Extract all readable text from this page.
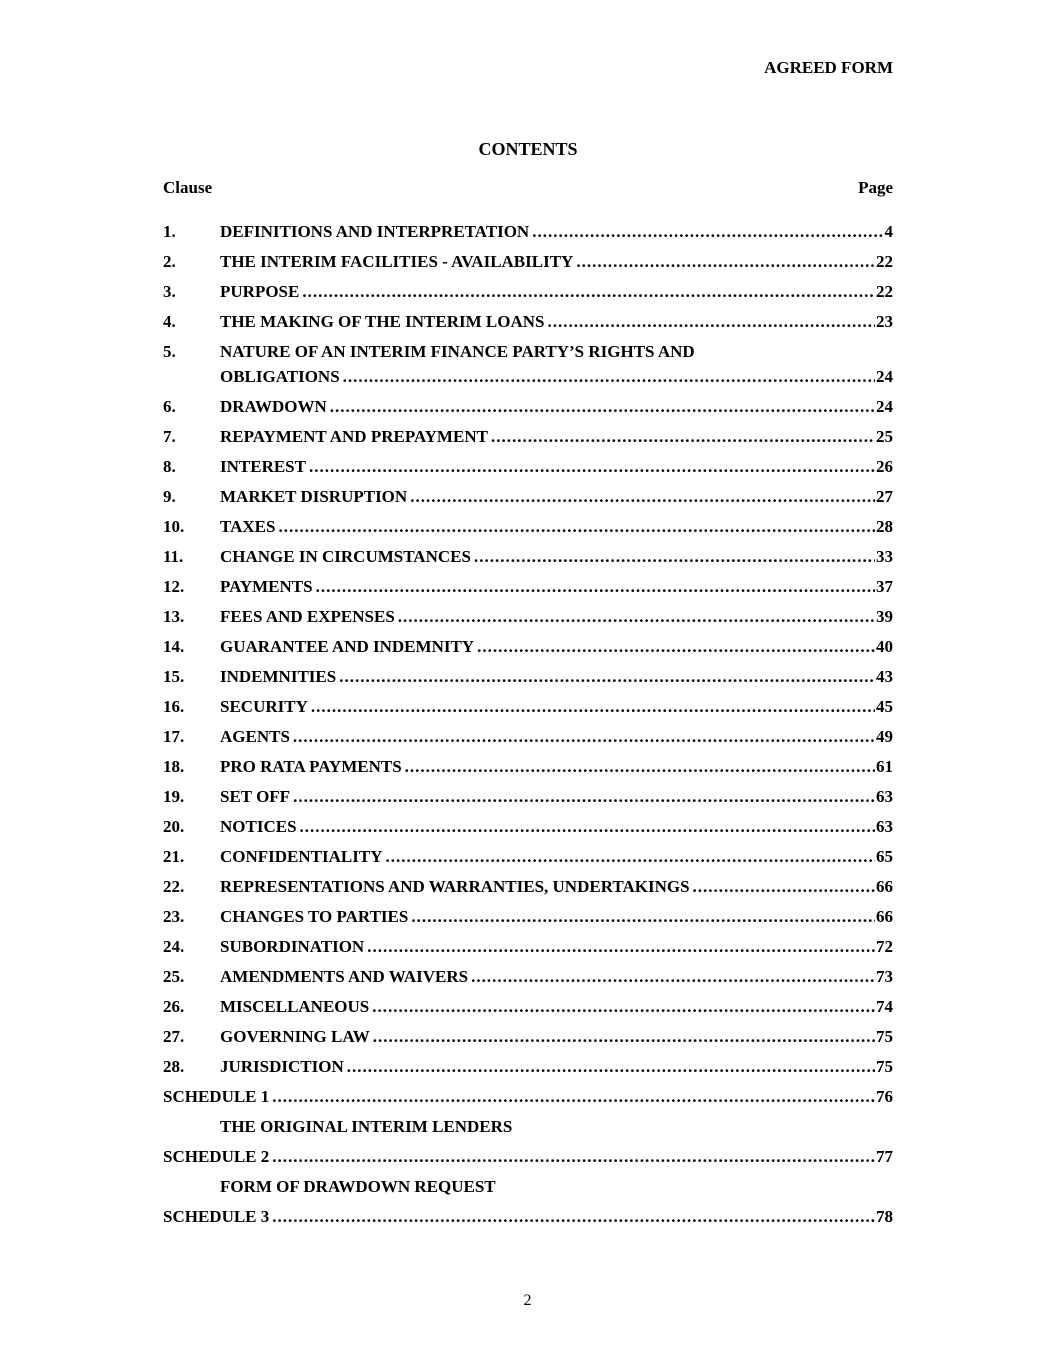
AGREED FORM
CONTENTS
Clause	Page
1.	DEFINITIONS AND INTERPRETATION .....	4
2.	THE INTERIM FACILITIES - AVAILABILITY .....	22
3.	PURPOSE .....	22
4.	THE MAKING OF THE INTERIM LOANS .....	23
5.	NATURE OF AN INTERIM FINANCE PARTY’S RIGHTS AND
OBLIGATIONS .....	24
6.	DRAWDOWN .....	24
7.	REPAYMENT AND PREPAYMENT .....	25
8.	INTEREST .....	26
9.	MARKET DISRUPTION .....	27
10.	TAXES .....	28
11.	CHANGE IN CIRCUMSTANCES .....	33
12.	PAYMENTS .....	37
13.	FEES AND EXPENSES .....	39
14.	GUARANTEE AND INDEMNITY .....	40
15.	INDEMNITIES .....	43
16.	SECURITY .....	45
17.	AGENTS .....	49
18.	PRO RATA PAYMENTS .....	61
19.	SET OFF .....	63
20.	NOTICES .....	63
21.	CONFIDENTIALITY .....	65
22.	REPRESENTATIONS AND WARRANTIES, UNDERTAKINGS .....	66
23.	CHANGES TO PARTIES .....	66
24.	SUBORDINATION .....	72
25.	AMENDMENTS AND WAIVERS .....	73
26.	MISCELLANEOUS .....	74
27.	GOVERNING LAW .....	75
28.	JURISDICTION .....	75
SCHEDULE 1 .....	76
THE ORIGINAL INTERIM LENDERS
SCHEDULE 2 .....	77
FORM OF DRAWDOWN REQUEST
SCHEDULE 3 .....	78
2
